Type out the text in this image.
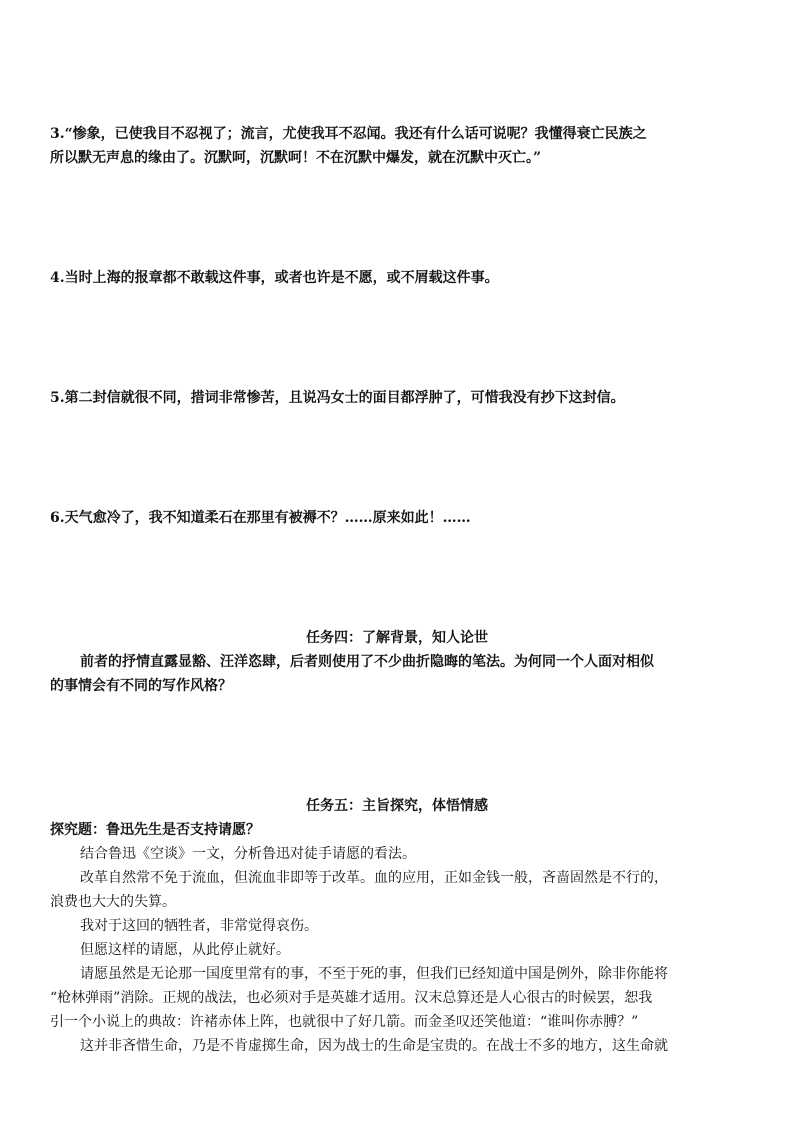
3.“惨象，已使我目不忍视了；流言，尤使我耳不忍闻。我还有什么话可说呢？我懂得衰亡民族之
所以默无声息的缘由了。沉默呵，沉默呵！不在沉默中爆发，就在沉默中灭亡。”
4.当时上海的报章都不敢载这件事，或者也许是不愿，或不屑载这件事。
5.第二封信就很不同，措词非常惨苦，且说冯女士的面目都浮肿了，可惜我没有抄下这封信。
6.天气愈冷了，我不知道柔石在那里有被褥不？……原来如此！……
任务四：了解背景，知人论世
前者的抒情直露显豁、汪洋恣肆，后者则使用了不少曲折隐晦的笔法。为何同一个人面对相似
的事情会有不同的写作风格？
任务五：主旨探究，体悟情感
探究题：鲁迅先生是否支持请愿？
结合鲁迅《空谈》一文，分析鲁迅对徒手请愿的看法。
改革自然常不免于流血，但流血非即等于改革。血的应用，正如金钱一般，吝啬固然是不行的，
浪费也大大的失算。
我对于这回的牺牲者，非常觉得哀伤。
但愿这样的请愿，从此停止就好。
请愿虽然是无论那一国度里常有的事，不至于死的事，但我们已经知道中国是例外，除非你能将
“枪林弹雨”消除。正规的战法，也必须对手是英雄才适用。汉末总算还是人心很古的时候罢，恕我
引一个小说上的典故：许褚赤体上阵，也就很中了好几箭。而金圣叹还笑他道：“谁叫你赤膊？”
这并非吝惜生命，乃是不肯虚掷生命，因为战士的生命是宝贵的。在战士不多的地方，这生命就
